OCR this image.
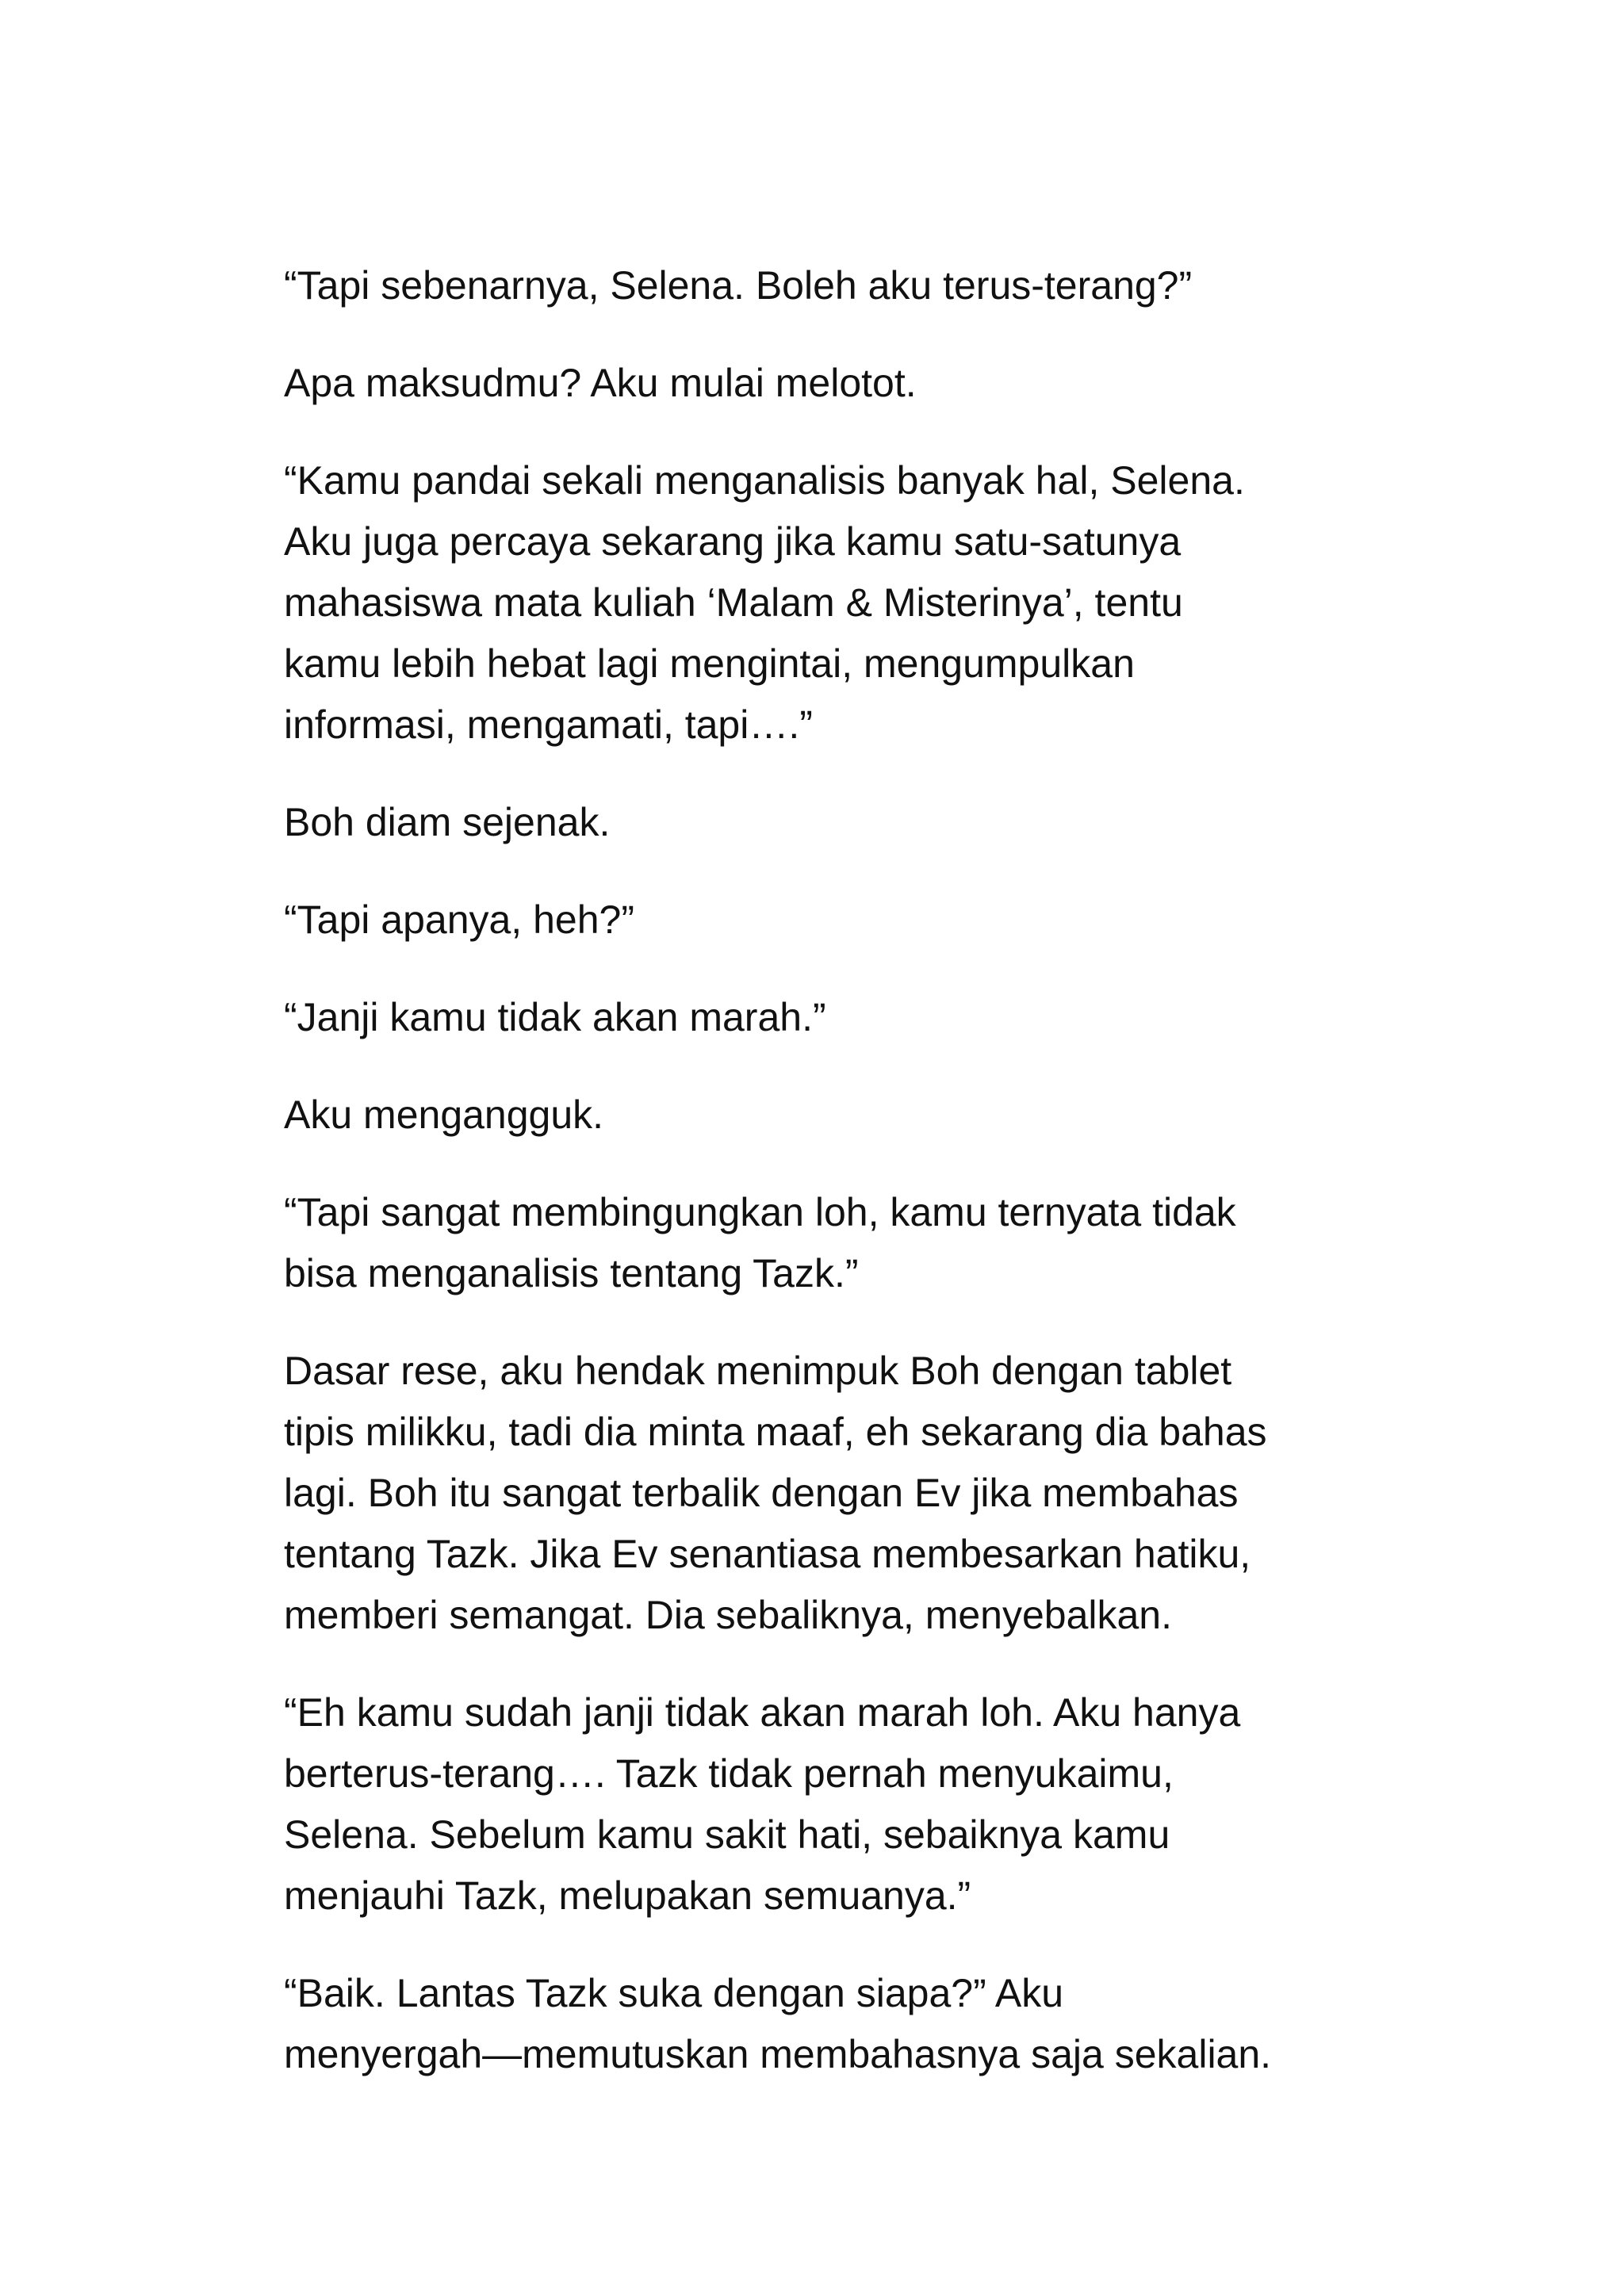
“Tapi sebenarnya, Selena. Boleh aku terus-terang?”

Apa maksudmu? Aku mulai melotot.

“Kamu pandai sekali menganalisis banyak hal, Selena.
Aku juga percaya sekarang jika kamu satu-satunya
mahasiswa mata kuliah ‘Malam & Misterinya’, tentu
kamu lebih hebat lagi mengintai, mengumpulkan
informasi, mengamati, tapi….”

Boh diam sejenak.

“Tapi apanya, heh?”

“Janji kamu tidak akan marah.”

Aku mengangguk.

“Tapi sangat membingungkan loh, kamu ternyata tidak
bisa menganalisis tentang Tazk.”

Dasar rese, aku hendak menimpuk Boh dengan tablet
tipis milikku, tadi dia minta maaf, eh sekarang dia bahas
lagi. Boh itu sangat terbalik dengan Ev jika membahas
tentang Tazk. Jika Ev senantiasa membesarkan hatiku,
memberi semangat. Dia sebaliknya, menyebalkan.

“Eh kamu sudah janji tidak akan marah loh. Aku hanya
berterus-terang…. Tazk tidak pernah menyukaimu,
Selena. Sebelum kamu sakit hati, sebaiknya kamu
menjauhi Tazk, melupakan semuanya.”

“Baik. Lantas Tazk suka dengan siapa?” Aku
menyergah—memutuskan membahasnya saja sekalian.
